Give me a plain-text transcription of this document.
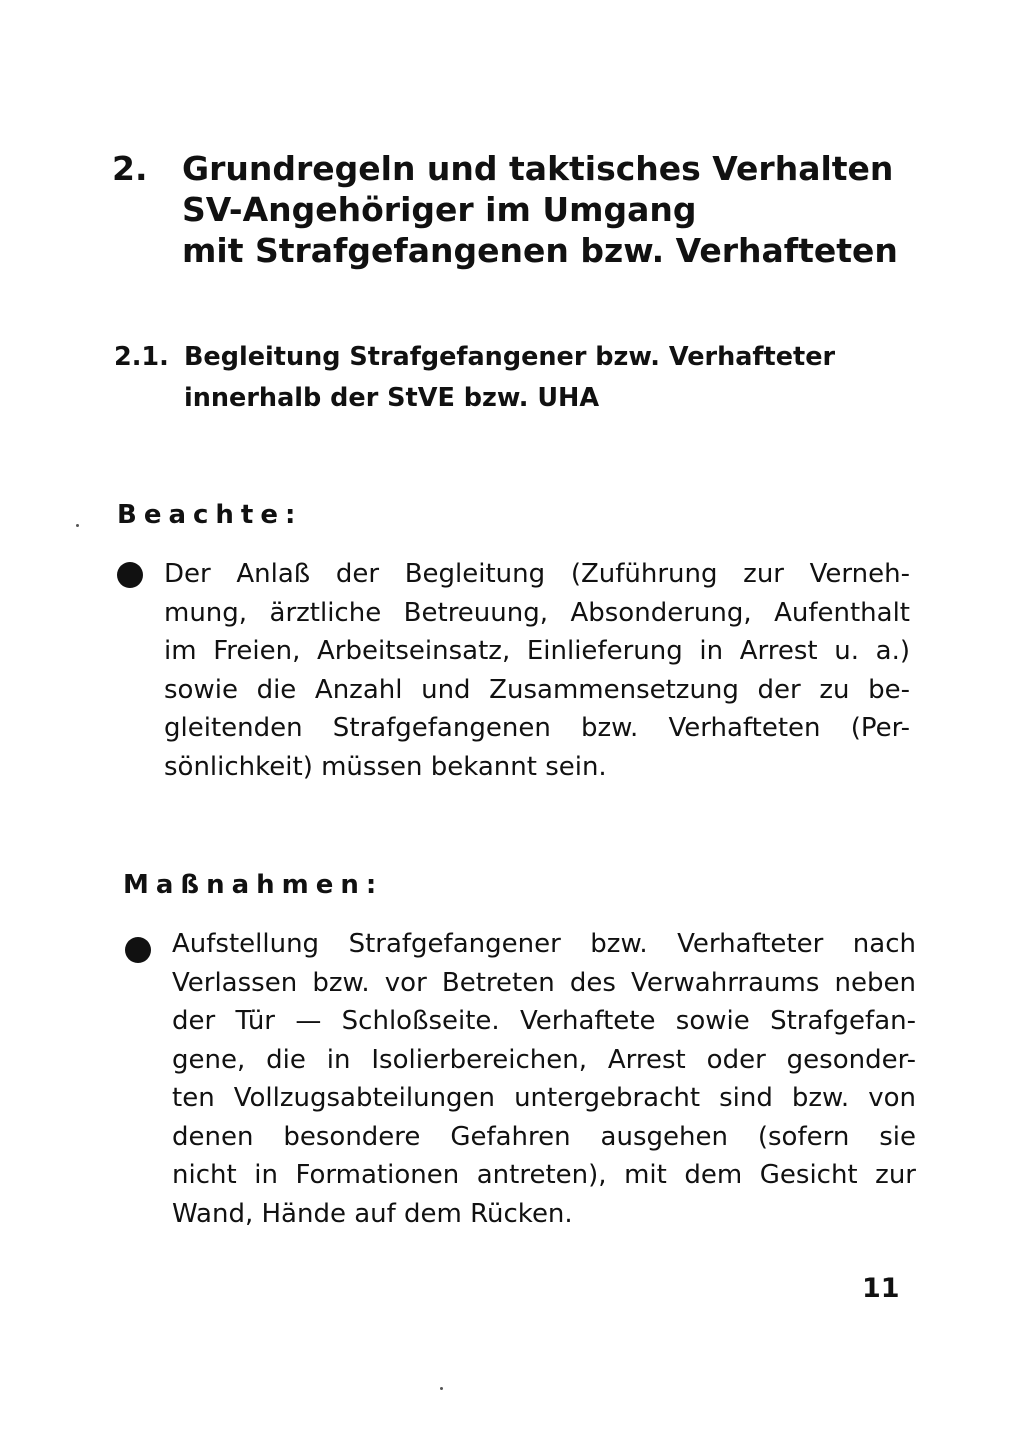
2. Grundregeln und taktisches Verhalten
SV-Angehöriger im Umgang
mit Strafgefangenen bzw. Verhafteten
2.1. Begleitung Strafgefangener bzw. Verhafteter
innerhalb der StVE bzw. UHA
Beachte:
Der Anlaß der Begleitung (Zuführung zur Verneh-
mung, ärztliche Betreuung, Absonderung, Aufenthalt
im Freien, Arbeitseinsatz, Einlieferung in Arrest u. a.)
sowie die Anzahl und Zusammensetzung der zu be-
gleitenden Strafgefangenen bzw. Verhafteten (Per-
sönlichkeit) müssen bekannt sein.
Maßnahmen:
Aufstellung Strafgefangener bzw. Verhafteter nach
Verlassen bzw. vor Betreten des Verwahrraums neben
der Tür — Schloßseite. Verhaftete sowie Strafgefan-
gene, die in Isolierbereichen, Arrest oder gesonder-
ten Vollzugsabteilungen untergebracht sind bzw. von
denen besondere Gefahren ausgehen (sofern sie
nicht in Formationen antreten), mit dem Gesicht zur
Wand, Hände auf dem Rücken.
11
